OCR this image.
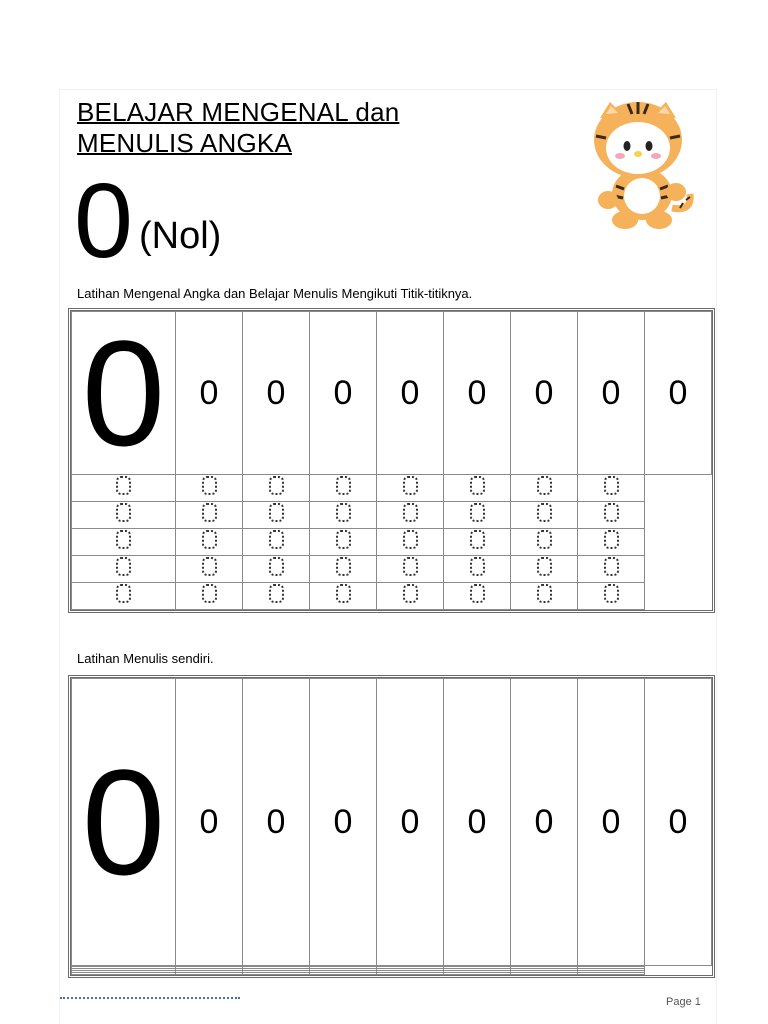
BELAJAR MENGENAL dan
MENULIS ANGKA
0 (Nol)
Latihan Mengenal Angka dan Belajar Menulis Mengikuti Titik-titiknya.
0	0	0	0	0	0	0	0	0

Latihan Menulis sendiri.
0	0	0	0	0	0	0	0	0

Page 1
